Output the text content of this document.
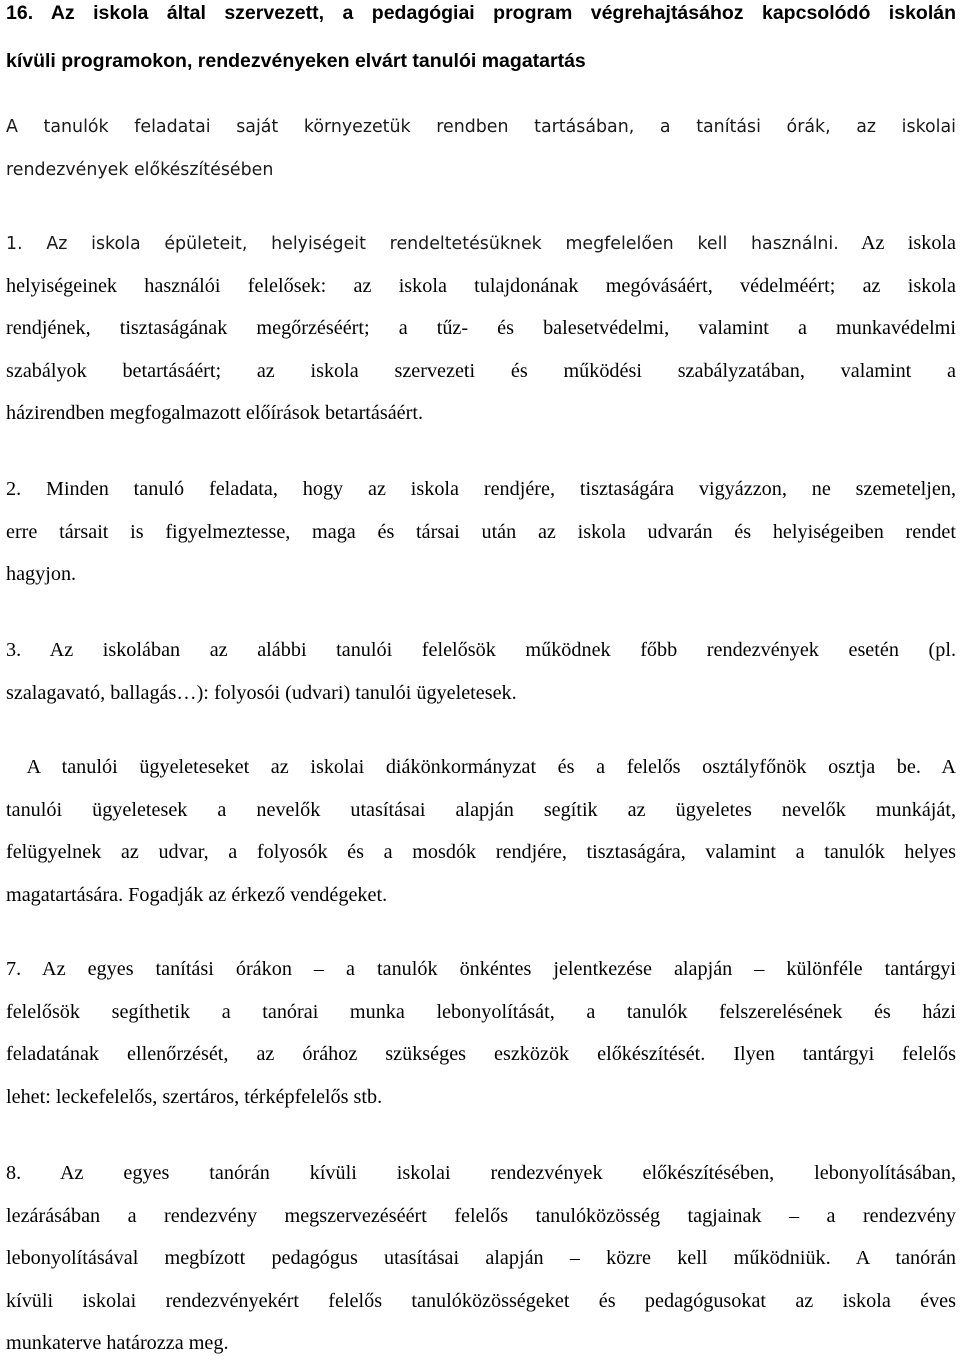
16. Az iskola által szervezett, a pedagógiai program végrehajtásához kapcsolódó iskolán
kívüli programokon, rendezvényeken elvárt tanulói magatartás
A tanulók feladatai saját környezetük rendben tartásában, a tanítási órák, az iskolai
rendezvények előkészítésében
1. Az iskola épületeit, helyiségeit rendeltetésüknek megfelelően kell használni. Az iskola
helyiségeinek használói felelősek: az iskola tulajdonának megóvásáért, védelméért; az iskola
rendjének, tisztaságának megőrzéséért; a tűz- és balesetvédelmi, valamint a munkavédelmi
szabályok betartásáért; az iskola szervezeti és működési szabályzatában, valamint a
házirendben megfogalmazott előírások betartásáért.
2. Minden tanuló feladata, hogy az iskola rendjére, tisztaságára vigyázzon, ne szemeteljen,
erre társait is figyelmeztesse, maga és társai után az iskola udvarán és helyiségeiben rendet
hagyjon.
3. Az iskolában az alábbi tanulói felelősök működnek főbb rendezvények esetén (pl.
szalagavató, ballagás…): folyosói (udvari) tanulói ügyeletesek.
A tanulói ügyeleteseket az iskolai diákönkormányzat és a felelős osztályfőnök osztja be. A
tanulói ügyeletesek a nevelők utasításai alapján segítik az ügyeletes nevelők munkáját,
felügyelnek az udvar, a folyosók és a mosdók rendjére, tisztaságára, valamint a tanulók helyes
magatartására. Fogadják az érkező vendégeket.
7. Az egyes tanítási órákon – a tanulók önkéntes jelentkezése alapján – különféle tantárgyi
felelősök segíthetik a tanórai munka lebonyolítását, a tanulók felszerelésének és házi
feladatának ellenőrzését, az órához szükséges eszközök előkészítését. Ilyen tantárgyi felelős
lehet: leckefelelős, szertáros, térképfelelős stb.
8. Az egyes tanórán kívüli iskolai rendezvények előkészítésében, lebonyolításában,
lezárásában a rendezvény megszervezéséért felelős tanulóközösség tagjainak – a rendezvény
lebonyolításával megbízott pedagógus utasításai alapján – közre kell működniük. A tanórán
kívüli iskolai rendezvényekért felelős tanulóközösségeket és pedagógusokat az iskola éves
munkaterve határozza meg.
